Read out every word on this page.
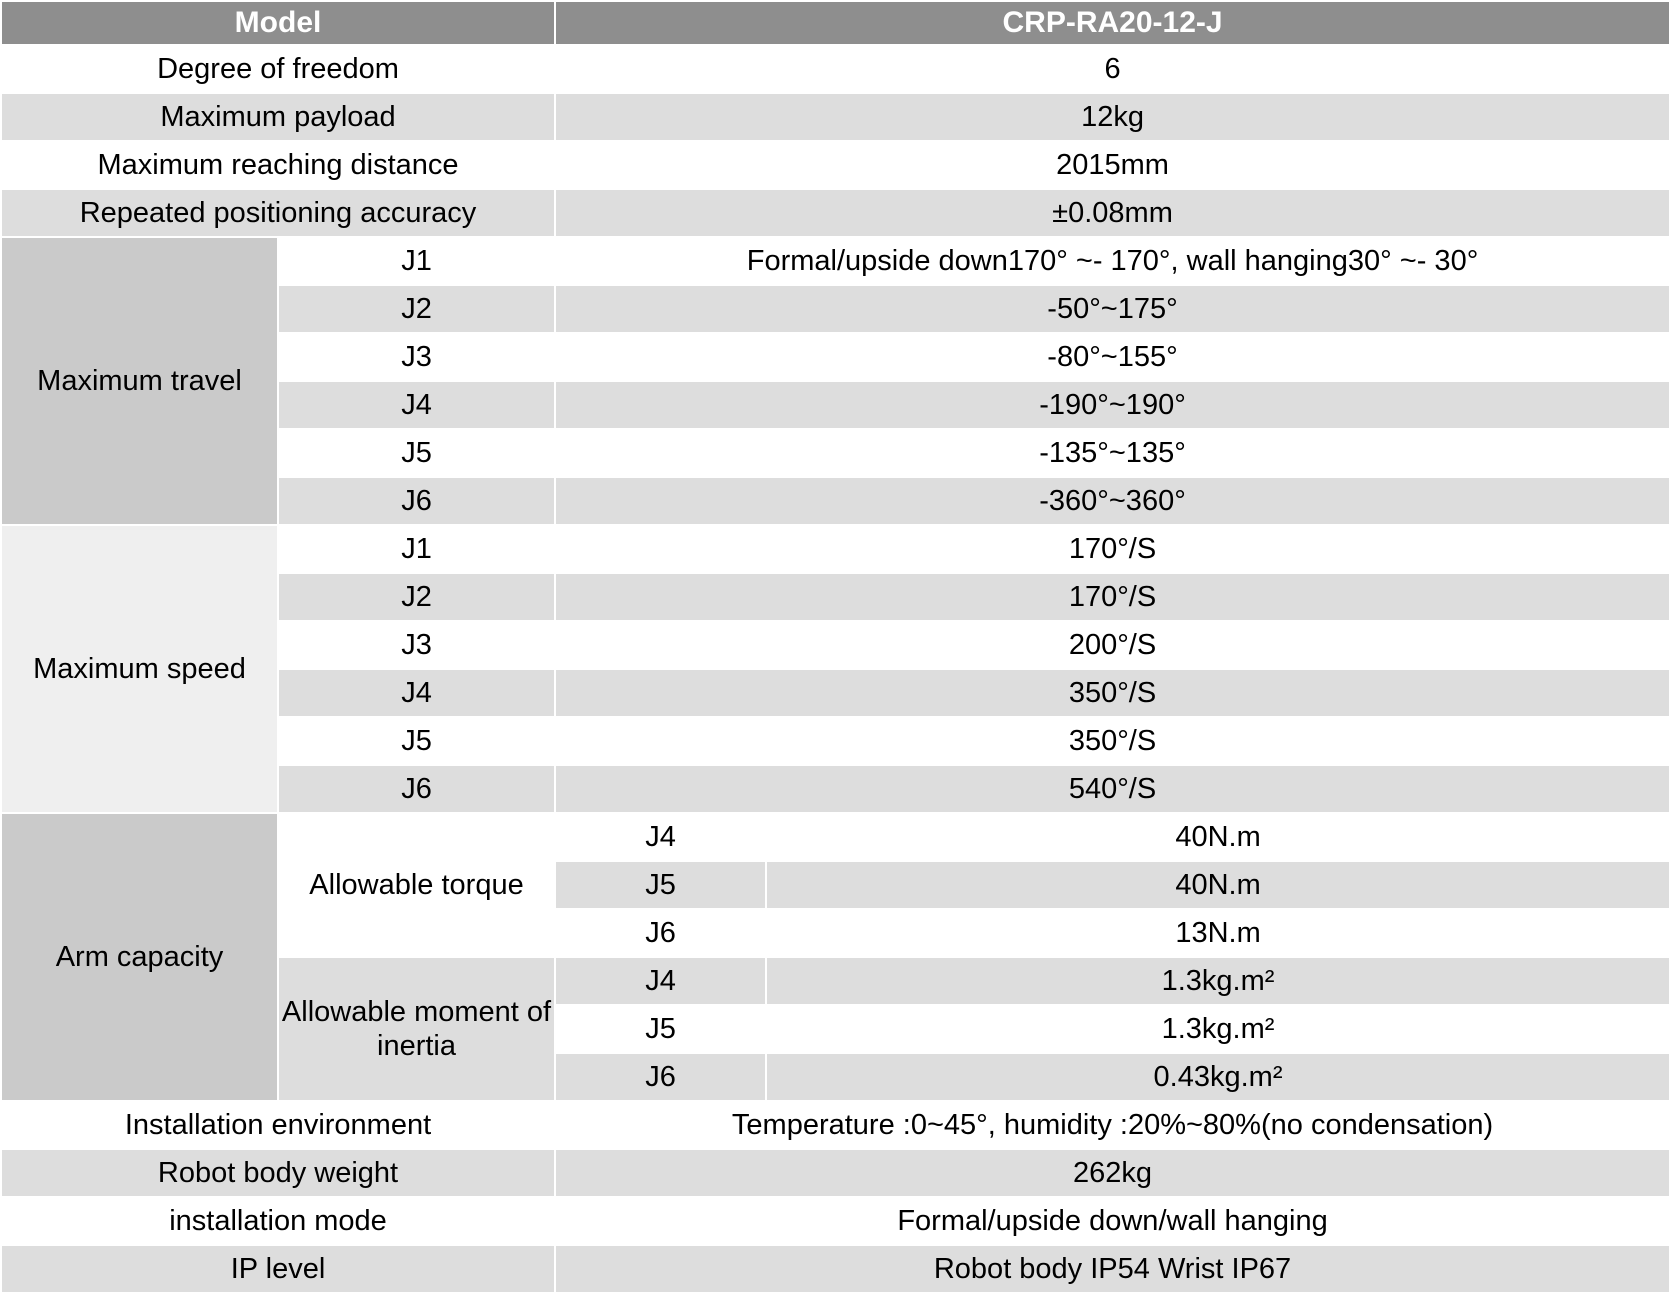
Model		CRP-RA20-12-J	
Degree of freedom		6	
Maximum payload		12kg	
Maximum reaching distance		2015mm	
Repeated positioning accuracy		±0.08mm	
Maximum travel	J1	Formal/upside down170° ~- 170°, wall hanging30° ~- 30°	
	J2	-50°~175°	
	J3	-80°~155°	
	J4	-190°~190°	
	J5	-135°~135°	
	J6	-360°~360°	
Maximum speed	J1	170°/S	
	J2	170°/S	
	J3	200°/S	
	J4	350°/S	
	J5	350°/S	
	J6	540°/S	
Arm capacity	Allowable torque	J4	40N.m
		J5	40N.m
		J6	13N.m
	Allowable moment of inertia	J4	1.3kg.m²
		J5	1.3kg.m²
		J6	0.43kg.m²
Installation environment		Temperature :0~45°, humidity :20%~80%(no condensation)	
Robot body weight		262kg	
installation mode		Formal/upside down/wall hanging	
IP level		Robot body IP54 Wrist IP67	
